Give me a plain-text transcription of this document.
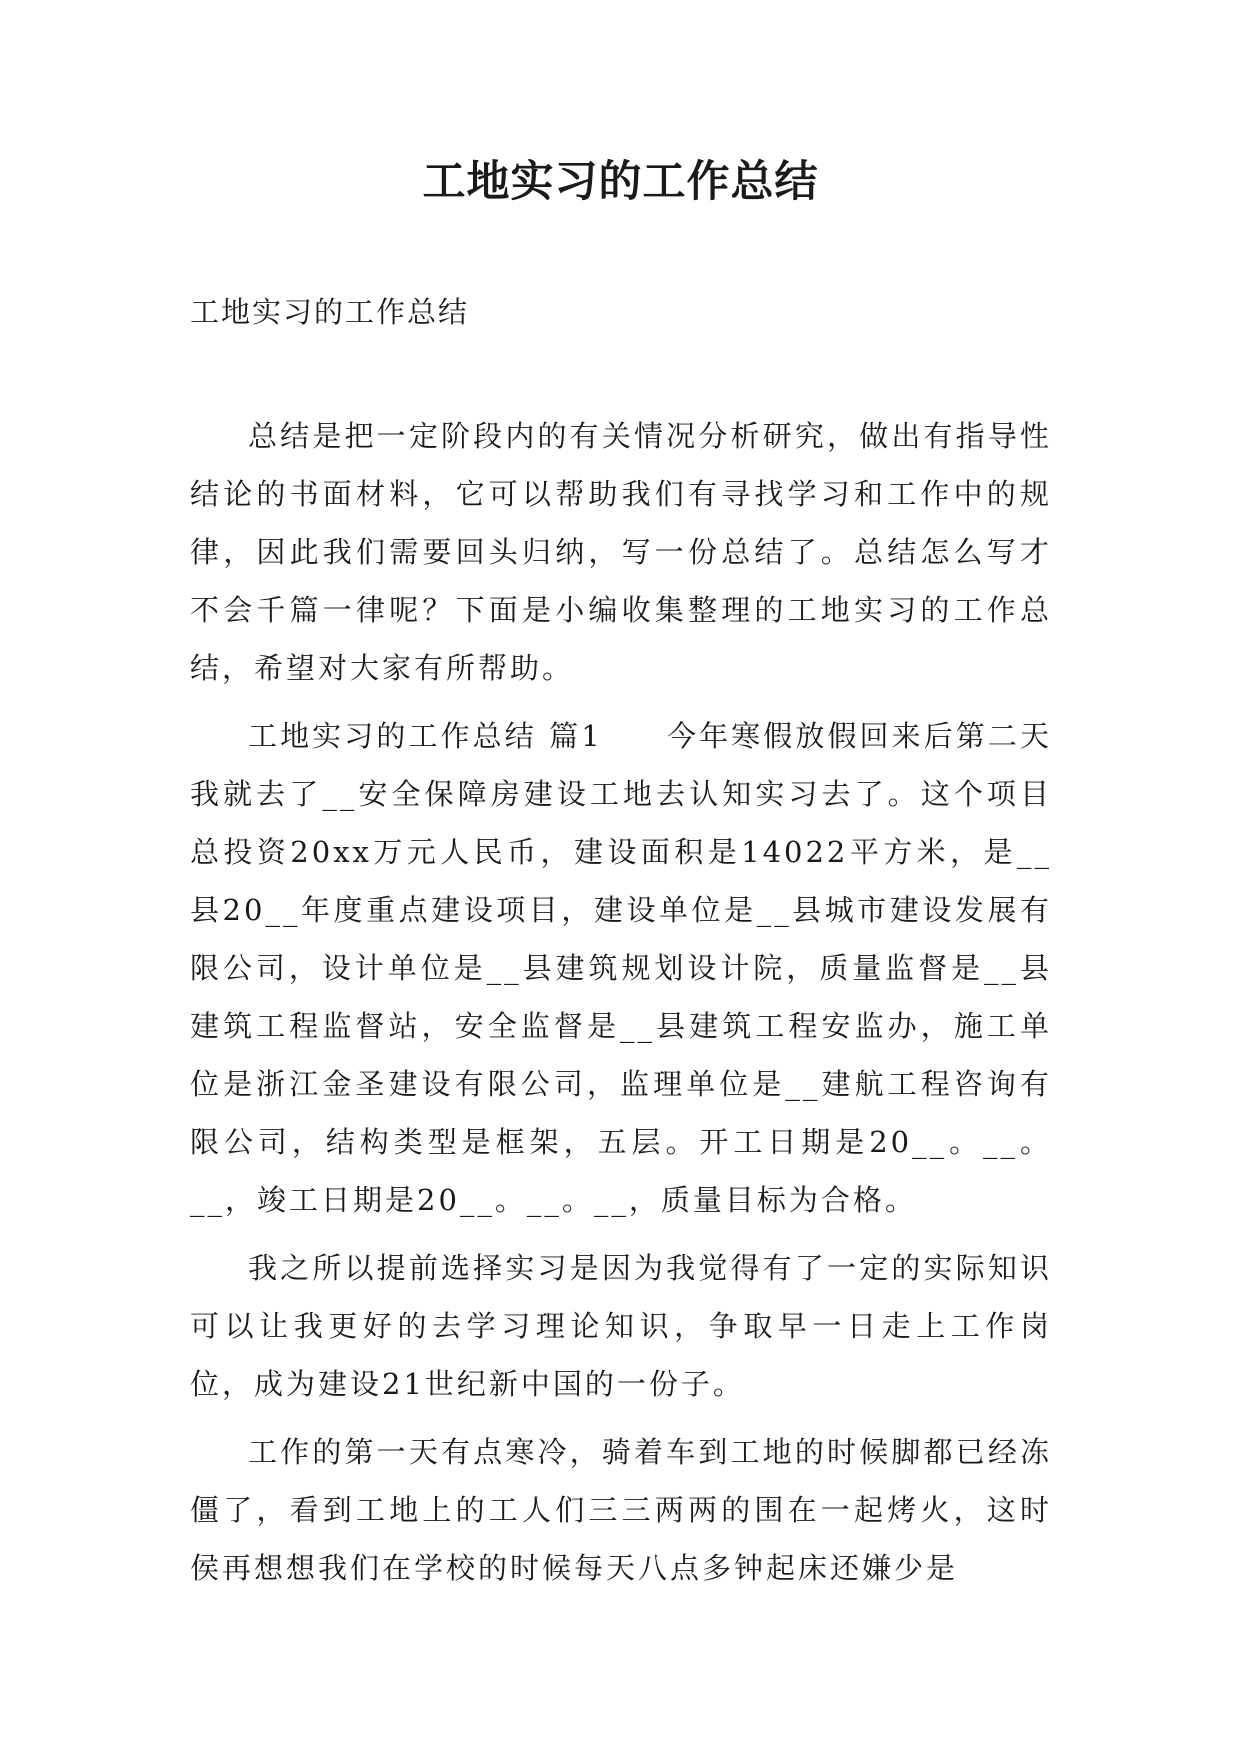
工地实习的工作总结

工地实习的工作总结

总结是把一定阶段内的有关情况分析研究，做出有指导性结论的书面材料，它可以帮助我们有寻找学习和工作中的规律，因此我们需要回头归纳，写一份总结了。总结怎么写才不会千篇一律呢？下面是小编收集整理的工地实习的工作总结，希望对大家有所帮助。

工地实习的工作总结 篇1　　今年寒假放假回来后第二天我就去了__安全保障房建设工地去认知实习去了。这个项目总投资20xx万元人民币，建设面积是14022平方米，是__县20__年度重点建设项目，建设单位是__县城市建设发展有限公司，设计单位是__县建筑规划设计院，质量监督是__县建筑工程监督站，安全监督是__县建筑工程安监办，施工单位是浙江金圣建设有限公司，监理单位是__建航工程咨询有限公司，结构类型是框架，五层。开工日期是20__。__。__，竣工日期是20__。__。__，质量目标为合格。

我之所以提前选择实习是因为我觉得有了一定的实际知识可以让我更好的去学习理论知识，争取早一日走上工作岗位，成为建设21世纪新中国的一份子。

工作的第一天有点寒冷，骑着车到工地的时候脚都已经冻僵了，看到工地上的工人们三三两两的围在一起烤火，这时侯再想想我们在学校的时候每天八点多钟起床还嫌少是
